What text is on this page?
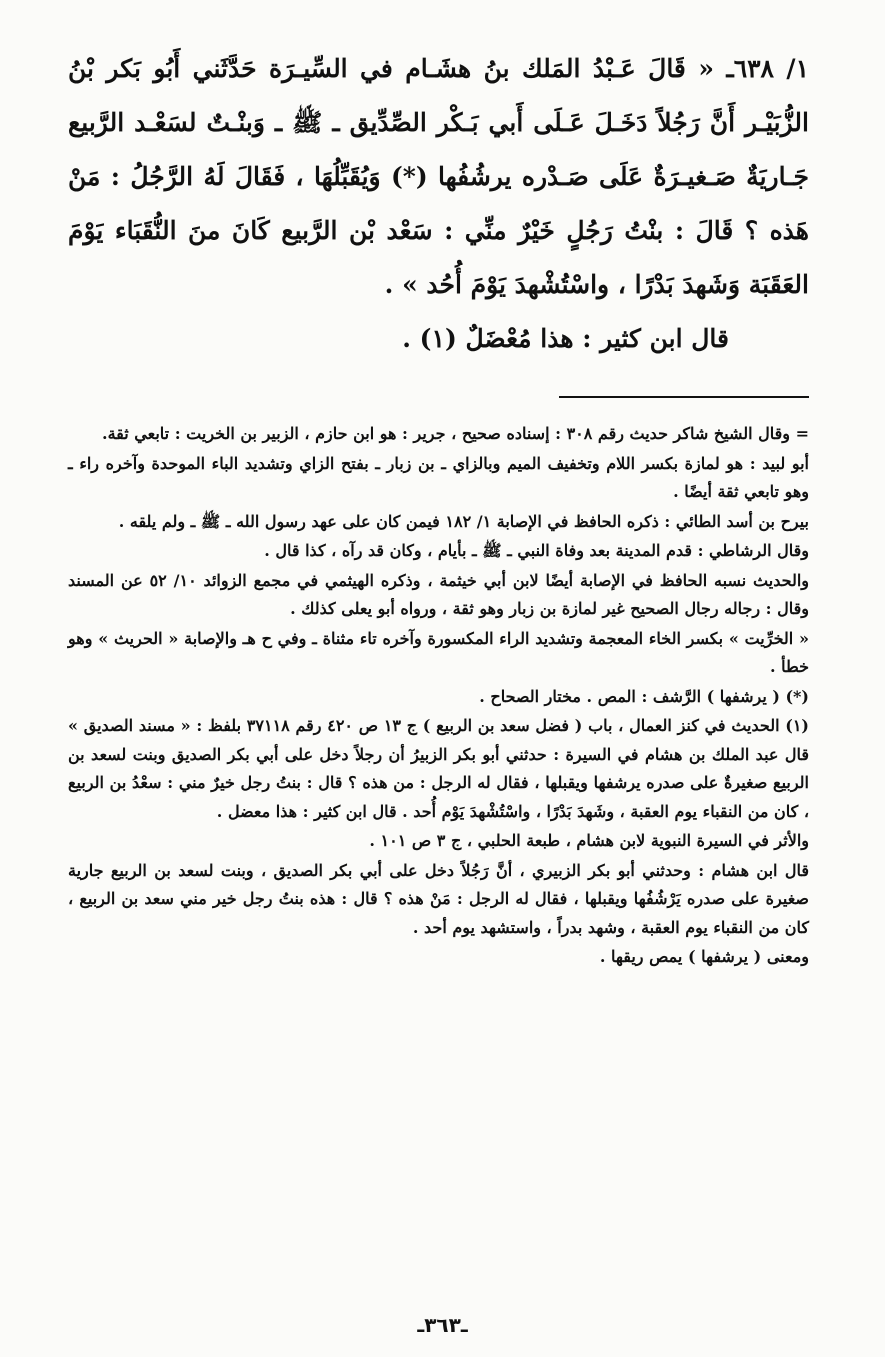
١/ ٦٣٨ـ « قَالَ عَـبْدُ المَلك بنُ هشَـام في السِّيـرَة حَدَّثَني أَبُو بَكر بْنُ الزُّبَيْـر أَنَّ رَجُلاً دَخَـلَ عَـلَى أَبي بَـكْر الصِّدِّيق ـ ﷺ ـ وَبنْـتٌ لسَعْـد الرَّبيع جَـاريَةٌ صَـغيـرَةٌ عَلَى صَـدْره يرشُفُها (*) وَيُقَبِّلُهَا ، فَقَالَ لَهُ الرَّجُلُ : مَنْ هَذه ؟ قَالَ : بنْتُ رَجُلٍ خَيْرٌ منِّي : سَعْد بْن الرَّبيع كَانَ منَ النُّقَبَاء يَوْمَ العَقَبَة وَشَهدَ بَدْرًا ، واسْتُشْهدَ يَوْمَ أُحُد » .

قال ابن كثير : هذا مُعْضَلٌ (١) .

= وقال الشيخ شاكر حديث رقم ٣٠٨ : إسناده صحيح ، جرير : هو ابن حازم ، الزبير بن الخريت : تابعي ثقة.

أبو لبيد : هو لمازة بكسر اللام وتخفيف الميم وبالزاي ـ بن زبار ـ بفتح الزاي وتشديد الباء الموحدة وآخره راء ـ وهو تابعي ثقة أيضًا .

بيرح بن أسد الطائي : ذكره الحافظ في الإصابة ١/ ١٨٢ فيمن كان على عهد رسول الله ـ ﷺ ـ ولم يلقه .

وقال الرشاطي : قدم المدينة بعد وفاة النبي ـ ﷺ ـ بأيام ، وكان قد رآه ، كذا قال .

والحديث نسبه الحافظ في الإصابة أيضًا لابن أبي خيثمة ، وذكره الهيثمي في مجمع الزوائد ١٠/ ٥٢ عن المسند وقال : رجاله رجال الصحيح غير لمازة بن زبار وهو ثقة ، ورواه أبو يعلى كذلك .

« الخرِّيت » بكسر الخاء المعجمة وتشديد الراء المكسورة وآخره تاء مثناة ـ وفي ح هـ والإصابة « الحريث » وهو خطأ .

(*) ( يرشفها ) الرَّشف : المص . مختار الصحاح .

(١) الحديث في كنز العمال ، باب ( فضل سعد بن الربيع ) ج ١٣ ص ٤٢٠ رقم ٣٧١١٨ بلفظ : « مسند الصديق » قال عبد الملك بن هشام في السيرة : حدثني أبو بكر الزبيرُ أن رجلاً دخل على أبي بكر الصديق وبنت لسعد بن الربيع صغيرةٌ على صدره يرشفها ويقبلها ، فقال له الرجل : من هذه ؟ قال : بنتُ رجل خيرٌ مني : سعْدُ بن الربيع ، كان من النقباء يوم العقبة ، وشَهدَ بَدْرًا ، واسْتُشْهدَ يَوْم أُحد . قال ابن كثير : هذا معضل .

والأثر في السيرة النبوية لابن هشام ، طبعة الحلبي ، ج ٣ ص ١٠١ .

قال ابن هشام : وحدثني أبو بكر الزبيري ، أنَّ رَجُلاً دخل على أبي بكر الصديق ، وبنت لسعد بن الربيع جارية صغيرة على صدره يَرْشُفُها ويقبلها ، فقال له الرجل : مَنْ هذه ؟ قال : هذه بنتُ رجل خير مني سعد بن الربيع ، كان من النقباء يوم العقبة ، وشهد بدراً ، واستشهد يوم أحد .

ومعنى ( يرشفها ) يمص ريقها .

ـ٣٦٣ـ
